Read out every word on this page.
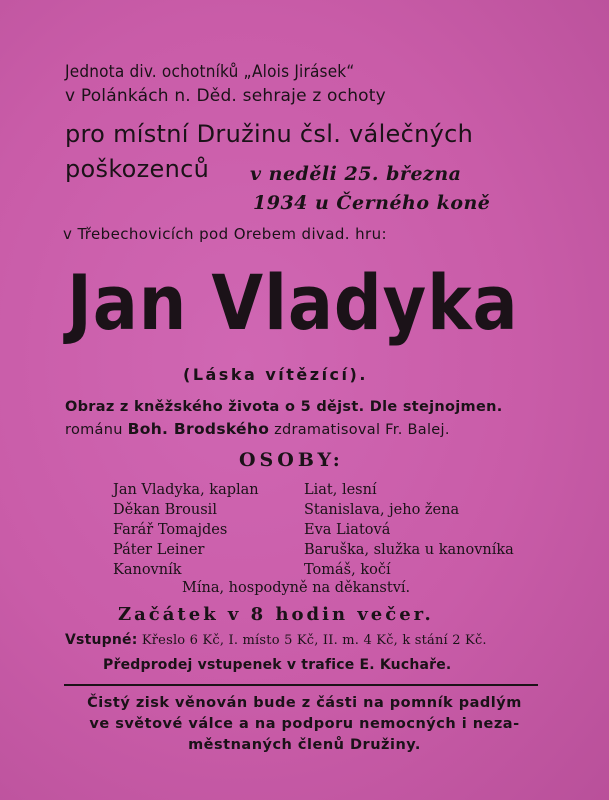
Jednota div. ochotníků „Alois Jirásek“
v Polánkách n. Děd. sehraje z ochoty
pro místní Družinu čsl. válečných
poškozenců v neděli 25. března
1934 u Černého koně
v Třebechovicích pod Orebem divad. hru:
Jan Vladyka
(Láska vítězící).
Obraz z kněžského života o 5 dějst. Dle stejnojmen.
románu Boh. Brodského zdramatisoval Fr. Balej.
OSOBY:
Jan Vladyka, kaplan
Děkan Brousil
Farář Tomajdes
Páter Leiner
Kanovník
Liat, lesní
Stanislava, jeho žena
Eva Liatová
Baruška, služka u kanovníka
Tomáš, kočí
Mína, hospodyně na děkanství.
Začátek v 8 hodin večer.
Vstupné: Křeslo 6 Kč, I. místo 5 Kč, II. m. 4 Kč, k stání 2 Kč.
Předprodej vstupenek v trafice E. Kuchaře.
Čistý zisk věnován bude z části na pomník padlým
ve světové válce a na podporu nemocných i neza-
městnaných členů Družiny.
